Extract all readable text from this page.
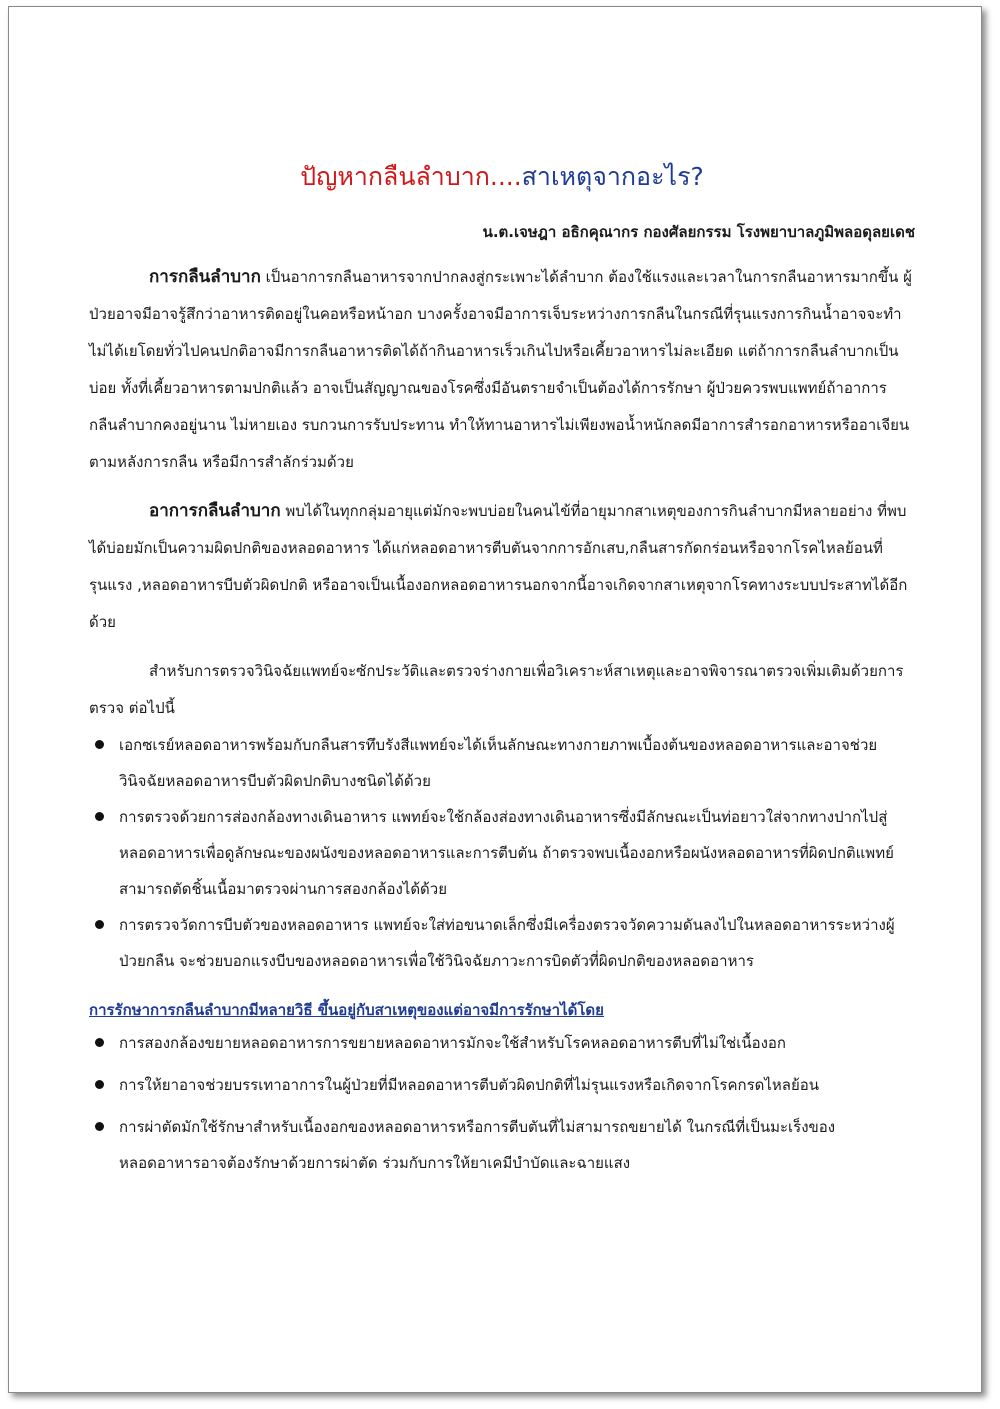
ปัญหากลืนลำบาก....สาเหตุจากอะไร?

น.ต.เจษฎา อธิกคุณากร กองศัลยกรรม โรงพยาบาลภูมิพลอดุลยเดช

การกลืนลำบาก เป็นอาการกลืนอาหารจากปากลงสู่กระเพาะได้ลำบาก ต้องใช้แรงและเวลาในการกลืนอาหารมากขึ้น ผู้ป่วยอาจมีอาจรู้สึกว่าอาหารติดอยู่ในคอหรือหน้าอก บางครั้งอาจมีอาการเจ็บระหว่างการกลืนในกรณีที่รุนแรงการกินน้ำอาจจะทำไม่ได้เยโดยทั่วไปคนปกติอาจมีการกลืนอาหารติดได้ถ้ากินอาหารเร็วเกินไปหรือเคี้ยวอาหารไม่ละเอียด แต่ถ้าการกลืนลำบากเป็นบ่อย ทั้งที่เคี้ยวอาหารตามปกติแล้ว อาจเป็นสัญญาณของโรคซึ่งมีอันตรายจำเป็นต้องได้การรักษา ผู้ป่วยควรพบแพทย์ถ้าอาการกลืนลำบากคงอยู่นาน ไม่หายเอง รบกวนการรับประทาน ทำให้ทานอาหารไม่เพียงพอน้ำหนักลดมีอาการสำรอกอาหารหรืออาเจียนตามหลังการกลืน หรือมีการสำลักร่วมด้วย

อาการกลืนลำบาก พบได้ในทุกกลุ่มอายุแต่มักจะพบบ่อยในคนไข้ที่อายุมากสาเหตุของการกินลำบากมีหลายอย่าง ที่พบได้บ่อยมักเป็นความผิดปกติของหลอดอาหาร ได้แก่หลอดอาหารตีบตันจากการอักเสบ,กลืนสารกัดกร่อนหรือจากโรคไหลย้อนที่รุนแรง ,หลอดอาหารบีบตัวผิดปกติ หรืออาจเป็นเนื้องอกหลอดอาหารนอกจากนี้อาจเกิดจากสาเหตุจากโรคทางระบบประสาทได้อีกด้วย

สำหรับการตรวจวินิจฉัยแพทย์จะซักประวัติและตรวจร่างกายเพื่อวิเคราะห์สาเหตุและอาจพิจารณาตรวจเพิ่มเติมด้วยการตรวจ ต่อไปนี้

เอกซเรย์หลอดอาหารพร้อมกับกลืนสารทึบรังสีแพทย์จะได้เห็นลักษณะทางกายภาพเบื้องต้นของหลอดอาหารและอาจช่วยวินิจฉัยหลอดอาหารบีบตัวผิดปกติบางชนิดได้ด้วย
การตรวจด้วยการส่องกล้องทางเดินอาหาร แพทย์จะใช้กล้องส่องทางเดินอาหารซึ่งมีลักษณะเป็นท่อยาวใส่จากทางปากไปสู่หลอดอาหารเพื่อดูลักษณะของผนังของหลอดอาหารและการตีบตัน ถ้าตรวจพบเนื้องอกหรือผนังหลอดอาหารที่ผิดปกติแพทย์สามารถตัดชิ้นเนื้อมาตรวจผ่านการสองกล้องได้ด้วย
การตรวจวัดการบีบตัวของหลอดอาหาร แพทย์จะใส่ท่อขนาดเล็กซึ่งมีเครื่องตรวจวัดความดันลงไปในหลอดอาหารระหว่างผู้ป่วยกลืน จะช่วยบอกแรงบีบของหลอดอาหารเพื่อใช้วินิจฉัยภาวะการบิดตัวที่ผิดปกติของหลอดอาหาร

การรักษาการกลืนลำบากมีหลายวิธี ขึ้นอยู่กับสาเหตุของแต่อาจมีการรักษาได้โดย

การสองกล้องขยายหลอดอาหารการขยายหลอดอาหารมักจะใช้สำหรับโรคหลอดอาหารตีบที่ไม่ใช่เนื้องอก
การให้ยาอาจช่วยบรรเทาอาการในผู้ป่วยที่มีหลอดอาหารตีบตัวผิดปกติที่ไม่รุนแรงหรือเกิดจากโรคกรดไหลย้อน
การผ่าตัดมักใช้รักษาสำหรับเนื้องอกของหลอดอาหารหรือการตีบตันที่ไม่สามารถขยายได้ ในกรณีที่เป็นมะเร็งของหลอดอาหารอาจต้องรักษาด้วยการผ่าตัด ร่วมกับการให้ยาเคมีบำบัดและฉายแสง
